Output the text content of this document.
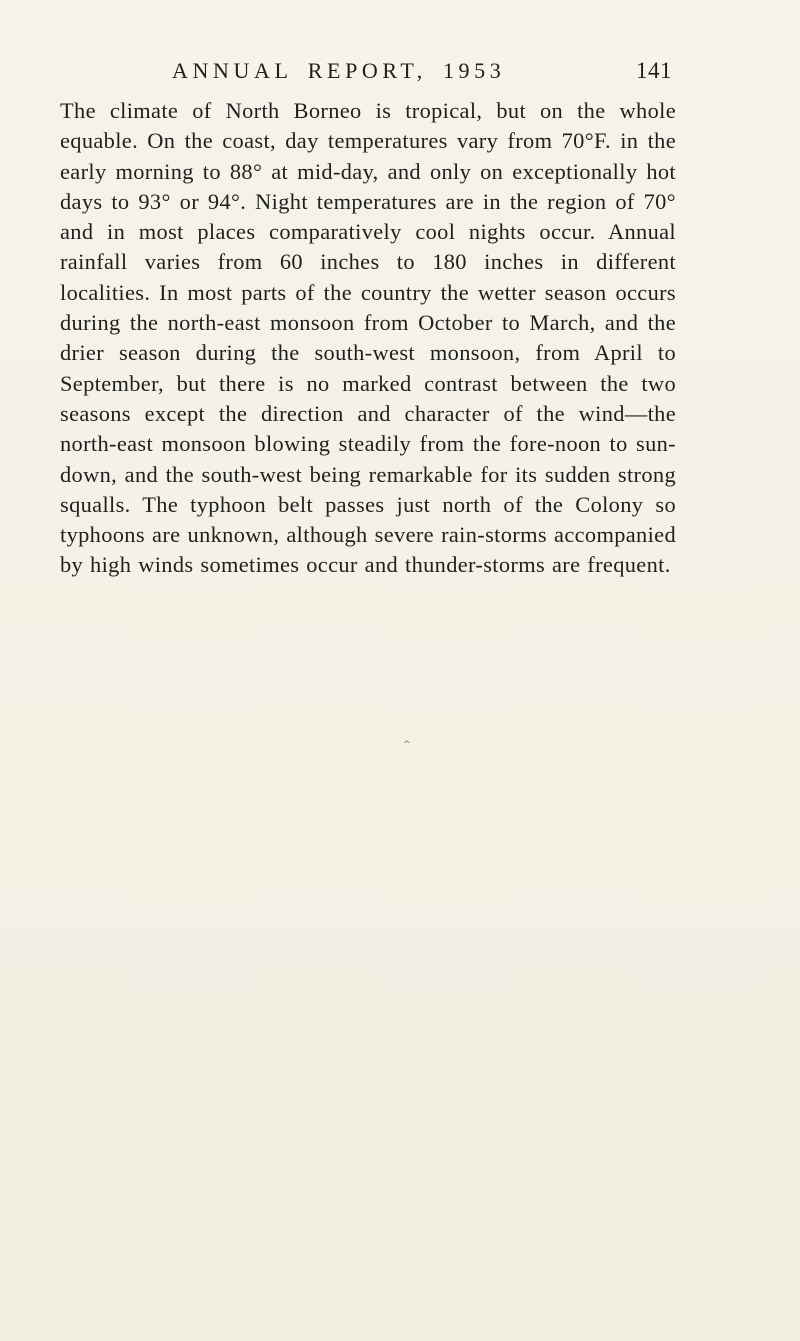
ANNUAL REPORT, 1953	141

The climate of North Borneo is tropical, but on the whole equable. On the coast, day temperatures vary from 70°F. in the early morning to 88° at mid-day, and only on exceptionally hot days to 93° or 94°. Night temperatures are in the region of 70° and in most places comparatively cool nights occur. Annual rainfall varies from 60 inches to 180 inches in different localities. In most parts of the country the wetter season occurs during the north-east monsoon from October to March, and the drier season during the south-west monsoon, from April to September, but there is no marked contrast between the two seasons except the direction and character of the wind—the north-east monsoon blowing steadily from the fore-noon to sun-down, and the south-west being remarkable for its sudden strong squalls. The typhoon belt passes just north of the Colony so typhoons are unknown, although severe rain-storms accompanied by high winds sometimes occur and thunder-storms are frequent.

^
